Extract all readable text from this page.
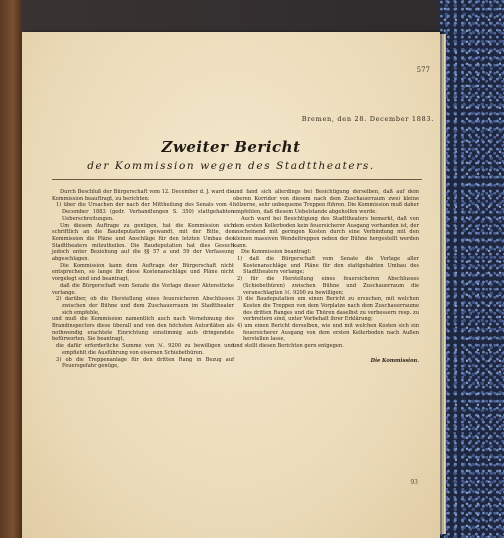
577
Bremen, den 28. December 1883.
Zweiter Bericht
der Kommission wegen des Stadttheaters.

Durch Beschluß der Bürgerschaft vom 12. December d. J. ward die Kommission beauftragt, zu berichten:

1) über die Ursachen der nach der Mittheilung des Senats vom 4. December 1883 (gedr. Verhandlungen S. 350) stattgehabten Ueberschreitungen.

Um diesem Auftrage zu genügen, hat die Kommission sich schriftlich an die Baudeputation gewandt, mit der Bitte, der Kommission die Pläne und Anschläge für den letzten Umbau des Stadttheaters mitzutheilen. Die Baudeputation hat dies Gesuch jedoch unter Beziehung auf die §§ 57 a und 59 der Verfassung abgeschlagen.

Die Kommission kann dem Auftrage der Bürgerschaft nicht entsprechen, so lange ihr diese Kostenanschläge und Pläne nicht vorgelegt sind und beantragt,

daß die Bürgerschaft vom Senate die Vorlage dieser Aktenstücke verlange.

2) darüber, ob die Herstellung eines feuersicheren Abschlusses zwischen der Bühne und dem Zuschauerraum im Stadttheater sich empfehle,

und muß die Kommission namentlich auch nach Vernehmung des Brandinspectors diese überall und von den höchsten Autoritäten als nothwendig erachtete Einrichtung einstimmig aufs dringendste befürworten. Sie beantragt,

die dafür erforderliche Summe von ℳ. 9200 zu bewilligen und empfiehlt die Ausführung von eisernen Schiebethüren.

3) ob die Treppenanlage für den dritten Rang in Bezug auf Feuersgefahr genüge,

und fand sich allerdings bei Besichtigung derselben, daß auf dem oberen Korridor von diesem nach dem Zuschauerraum zwei kleine hölzerne, sehr unbequeme Treppen führen. Die Kommission muß daher empfehlen, daß diesem Uebelstande abgeholfen werde.

Auch ward bei Besichtigung des Stadttheaters bemerkt, daß von dem ersten Kellerboden kein feuersicherer Ausgang vorhanden ist, der anscheinend mit geringen Kosten durch eine Verbindung mit den kleinen massiven Wendeltreppen neben der Bühne hergestellt werden kann.

Die Kommission beantragt:

1) daß die Bürgerschaft vom Senate die Vorlage aller Kostenanschläge und Pläne für den stattgehabten Umbau des Stadttheaters verlange;

2) für die Herstellung eines feuersicheren Abschlusses (Schiebethüren) zwischen Bühne und Zuschauerraum die veranschlagten ℳ. 9200 zu bewilligen;

3) die Baudeputation um einen Bericht zu ersuchen, mit welchen Kosten die Treppen von dem Vorplatze nach dem Zuschauerraume des dritten Ranges und die Thüren daselbst zu verbessern resp. zu verbreitern sind, unter Vorbehalt ihrer Erklärung;

4) um einen Bericht derselben, wie und mit welchen Kosten sich ein feuersicherer Ausgang von dem ersten Kellerboden nach Außen herstellen lasse,

und stellt diesen Berichten gern entgegen.

Die Kommission.

93
